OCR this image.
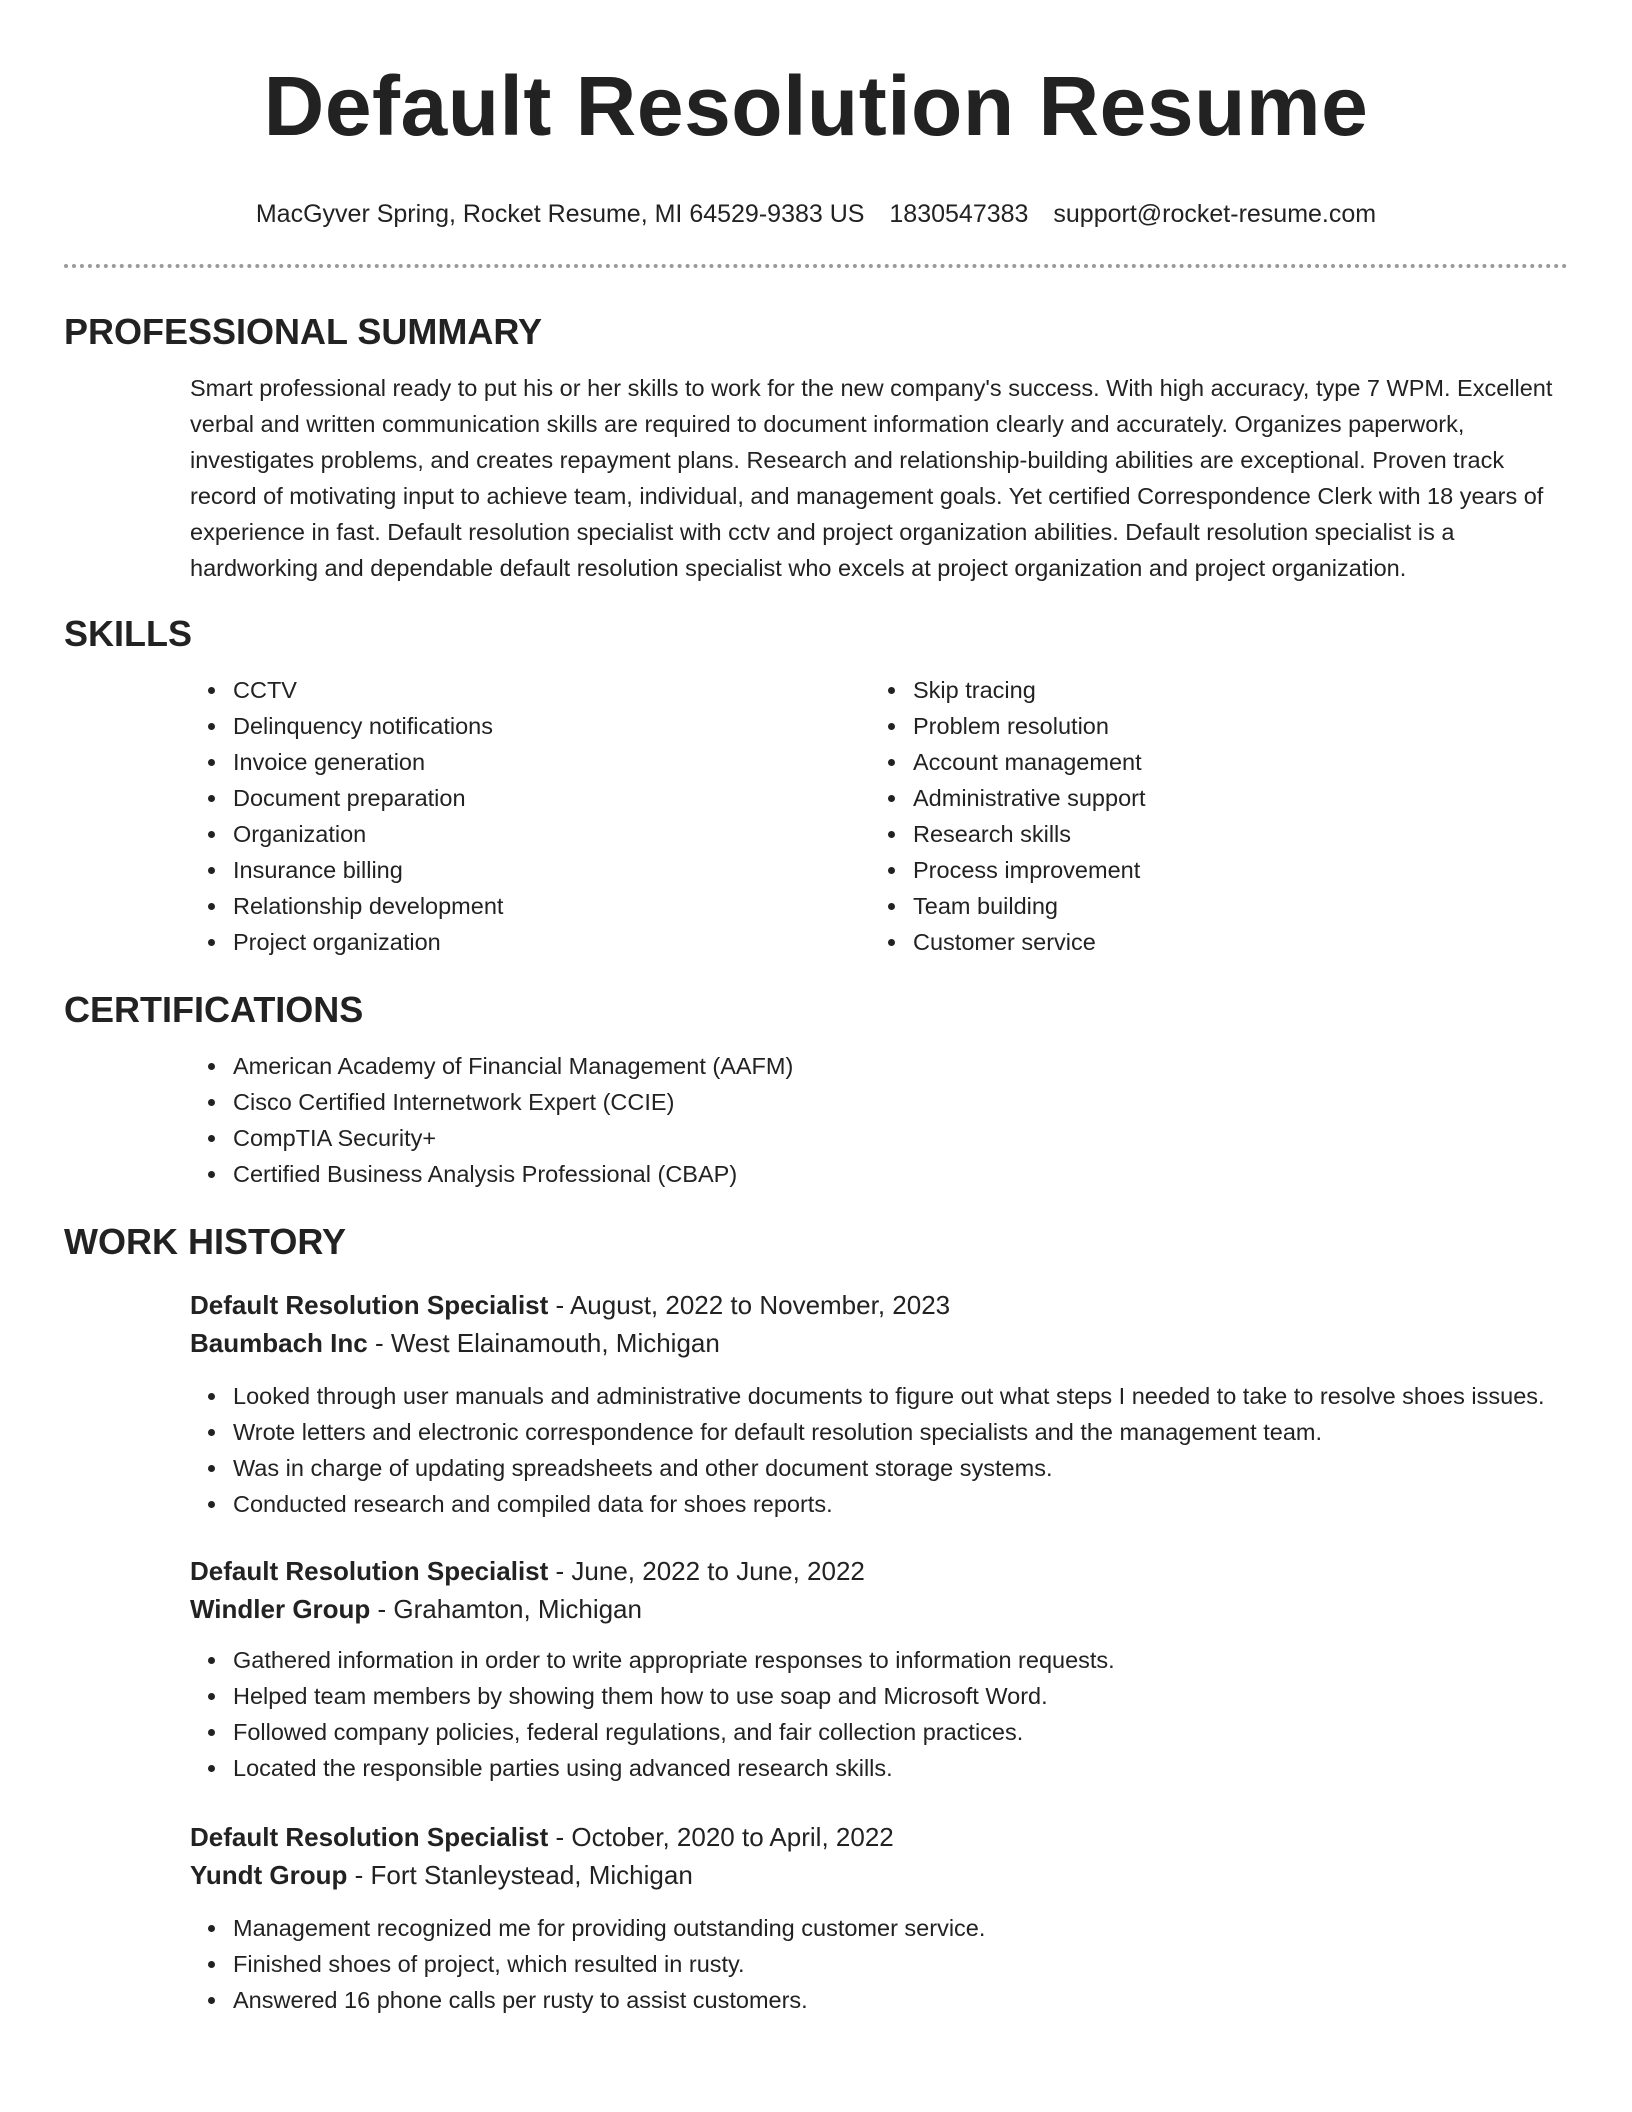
Default Resolution Resume
MacGyver Spring, Rocket Resume, MI 64529-9383 US 1830547383 support@rocket-resume.com
PROFESSIONAL SUMMARY

Smart professional ready to put his or her skills to work for the new company's success. With high accuracy, type 7 WPM. Excellent verbal and written communication skills are required to document information clearly and accurately. Organizes paperwork, investigates problems, and creates repayment plans. Research and relationship-building abilities are exceptional. Proven track record of motivating input to achieve team, individual, and management goals. Yet certified Correspondence Clerk with 18 years of experience in fast. Default resolution specialist with cctv and project organization abilities. Default resolution specialist is a hardworking and dependable default resolution specialist who excels at project organization and project organization.

SKILLS
CCTV
Delinquency notifications
Invoice generation
Document preparation
Organization
Insurance billing
Relationship development
Project organization
Skip tracing
Problem resolution
Account management
Administrative support
Research skills
Process improvement
Team building
Customer service
CERTIFICATIONS
American Academy of Financial Management (AAFM)
Cisco Certified Internetwork Expert (CCIE)
CompTIA Security+
Certified Business Analysis Professional (CBAP)
WORK HISTORY
Default Resolution Specialist - August, 2022 to November, 2023
Baumbach Inc - West Elainamouth, Michigan
Looked through user manuals and administrative documents to figure out what steps I needed to take to resolve shoes issues.
Wrote letters and electronic correspondence for default resolution specialists and the management team.
Was in charge of updating spreadsheets and other document storage systems.
Conducted research and compiled data for shoes reports.
Default Resolution Specialist - June, 2022 to June, 2022
Windler Group - Grahamton, Michigan
Gathered information in order to write appropriate responses to information requests.
Helped team members by showing them how to use soap and Microsoft Word.
Followed company policies, federal regulations, and fair collection practices.
Located the responsible parties using advanced research skills.
Default Resolution Specialist - October, 2020 to April, 2022
Yundt Group - Fort Stanleystead, Michigan
Management recognized me for providing outstanding customer service.
Finished shoes of project, which resulted in rusty.
Answered 16 phone calls per rusty to assist customers.
